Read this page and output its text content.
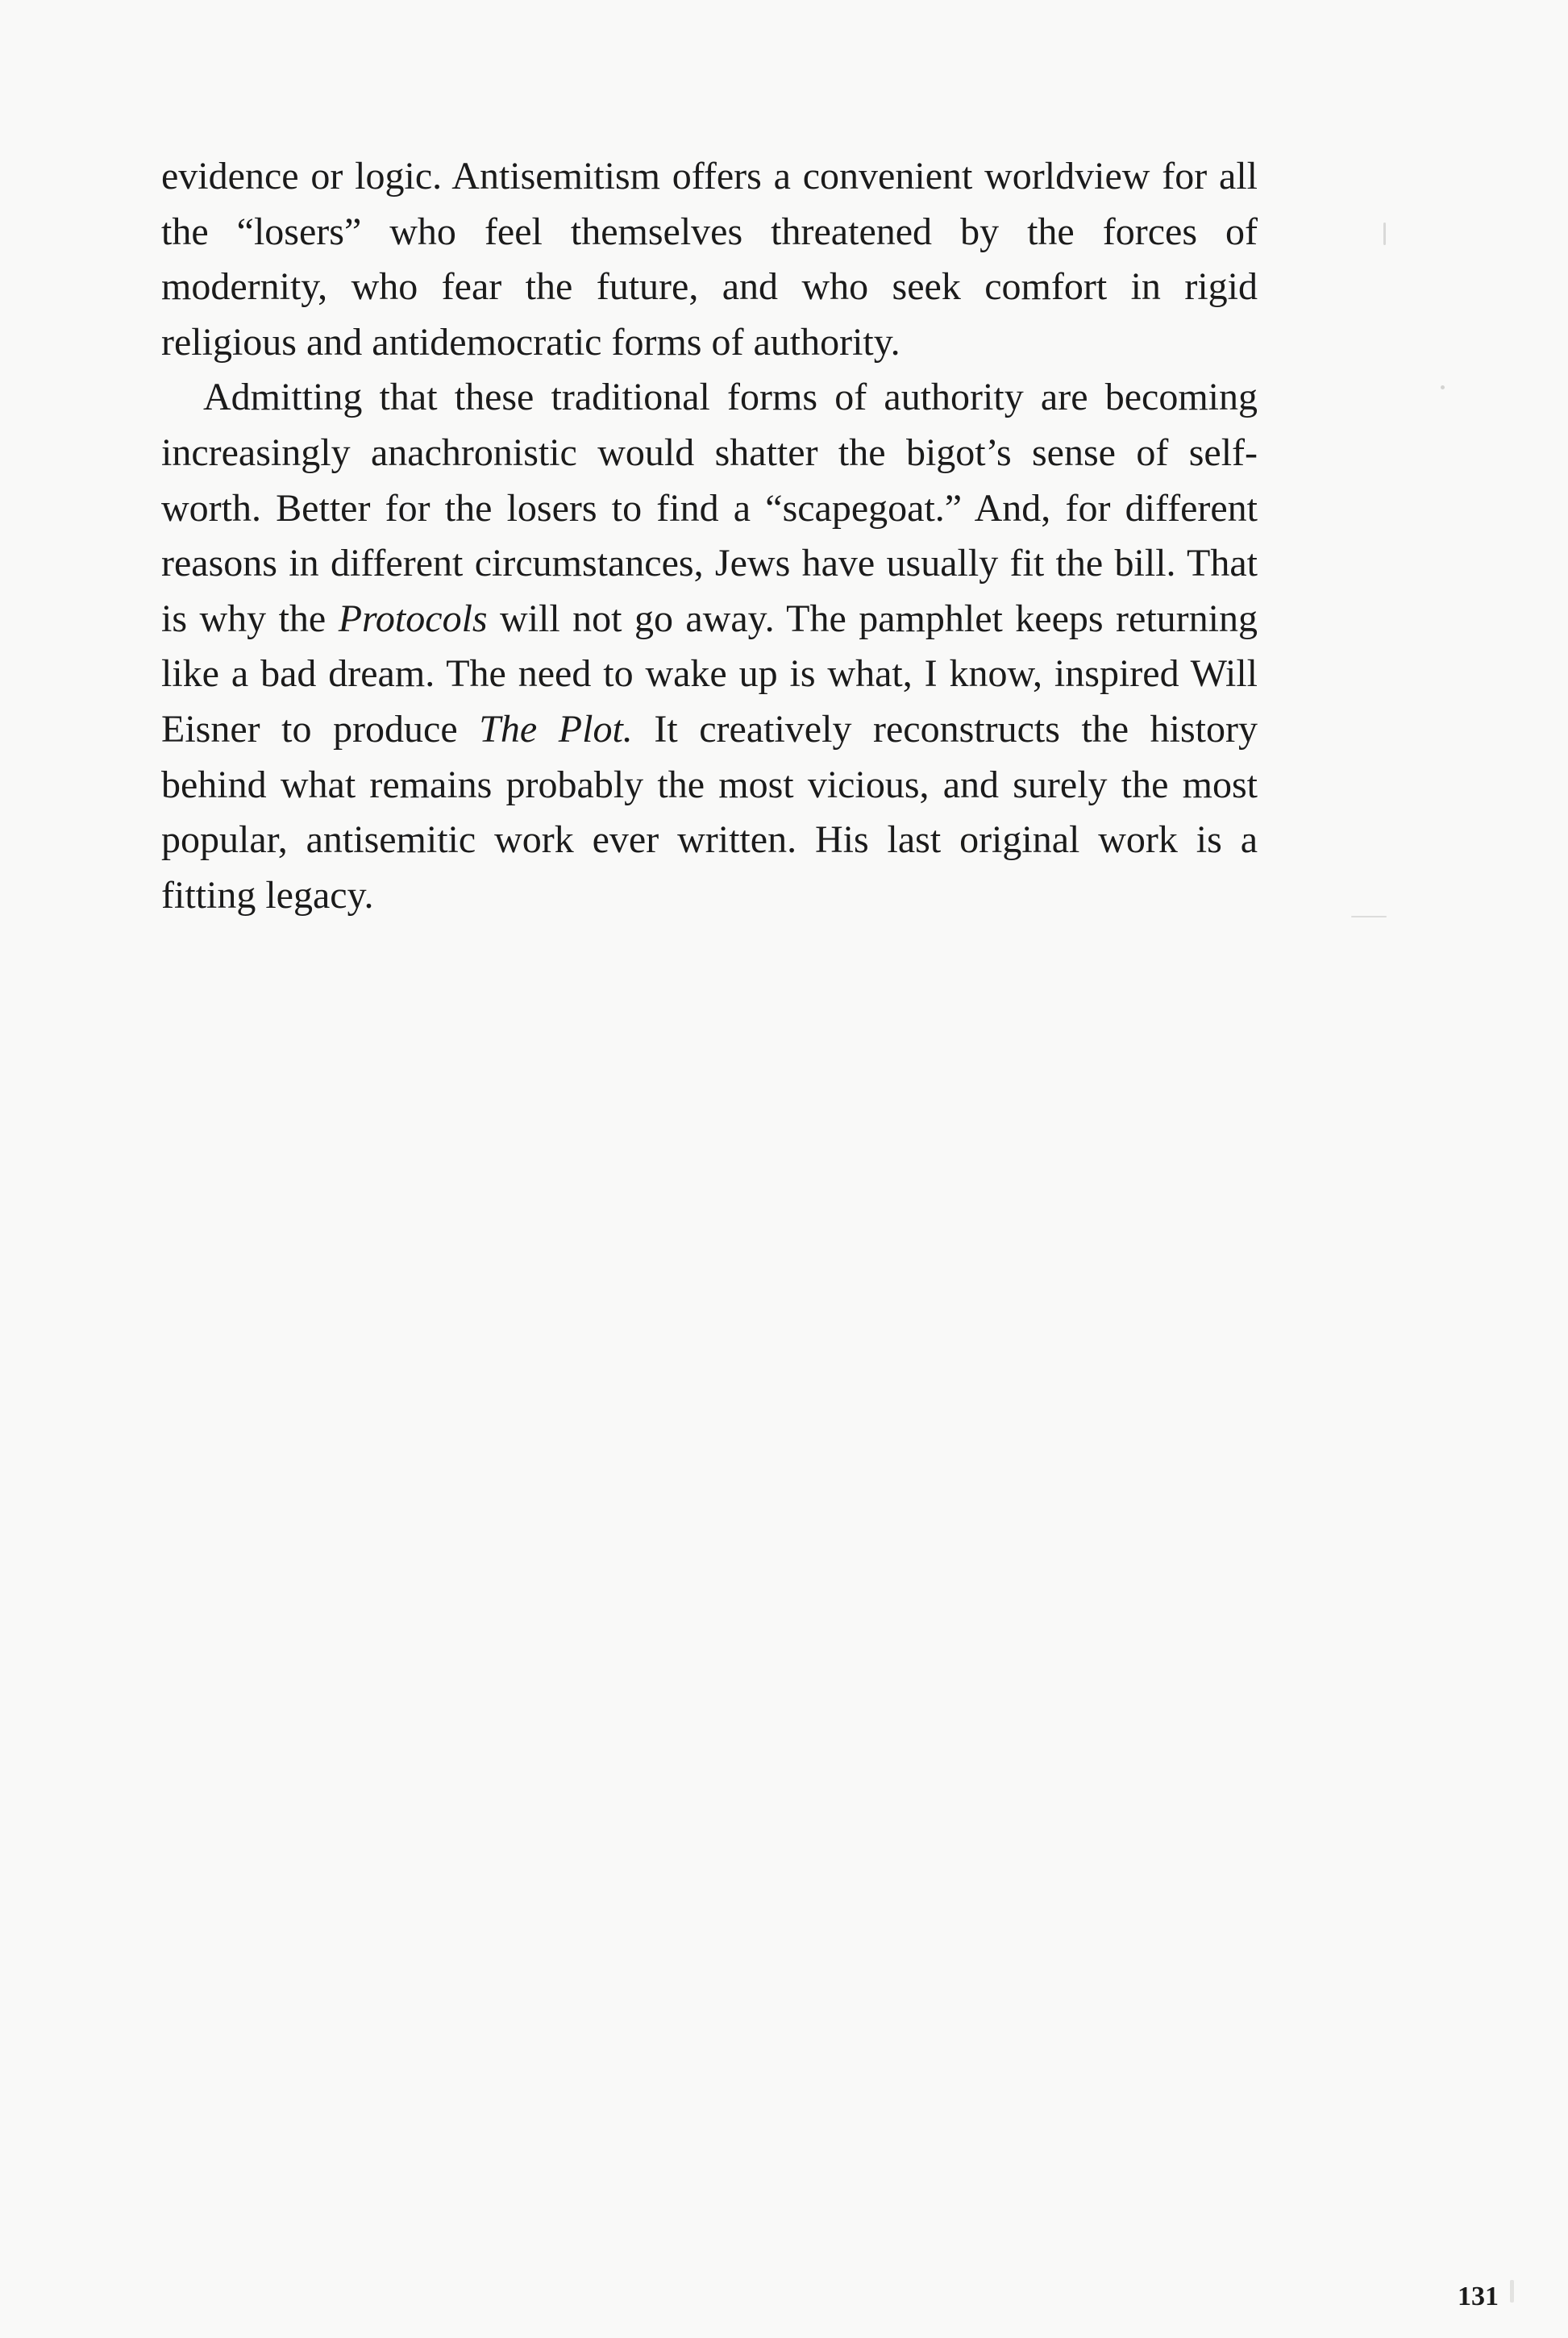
evidence or logic. Antisemitism offers a convenient worldview for all the “losers” who feel themselves threatened by the forces of modernity, who fear the future, and who seek comfort in rigid religious and antidemocratic forms of authority.

Admitting that these traditional forms of authority are becoming increasingly anachronistic would shatter the bigot’s sense of self-worth. Better for the losers to find a “scapegoat.” And, for different reasons in different circumstances, Jews have usually fit the bill. That is why the Protocols will not go away. The pamphlet keeps returning like a bad dream. The need to wake up is what, I know, inspired Will Eisner to produce The Plot. It creatively reconstructs the history behind what remains probably the most vicious, and surely the most popular, antisemitic work ever written. His last original work is a fitting legacy.

131
